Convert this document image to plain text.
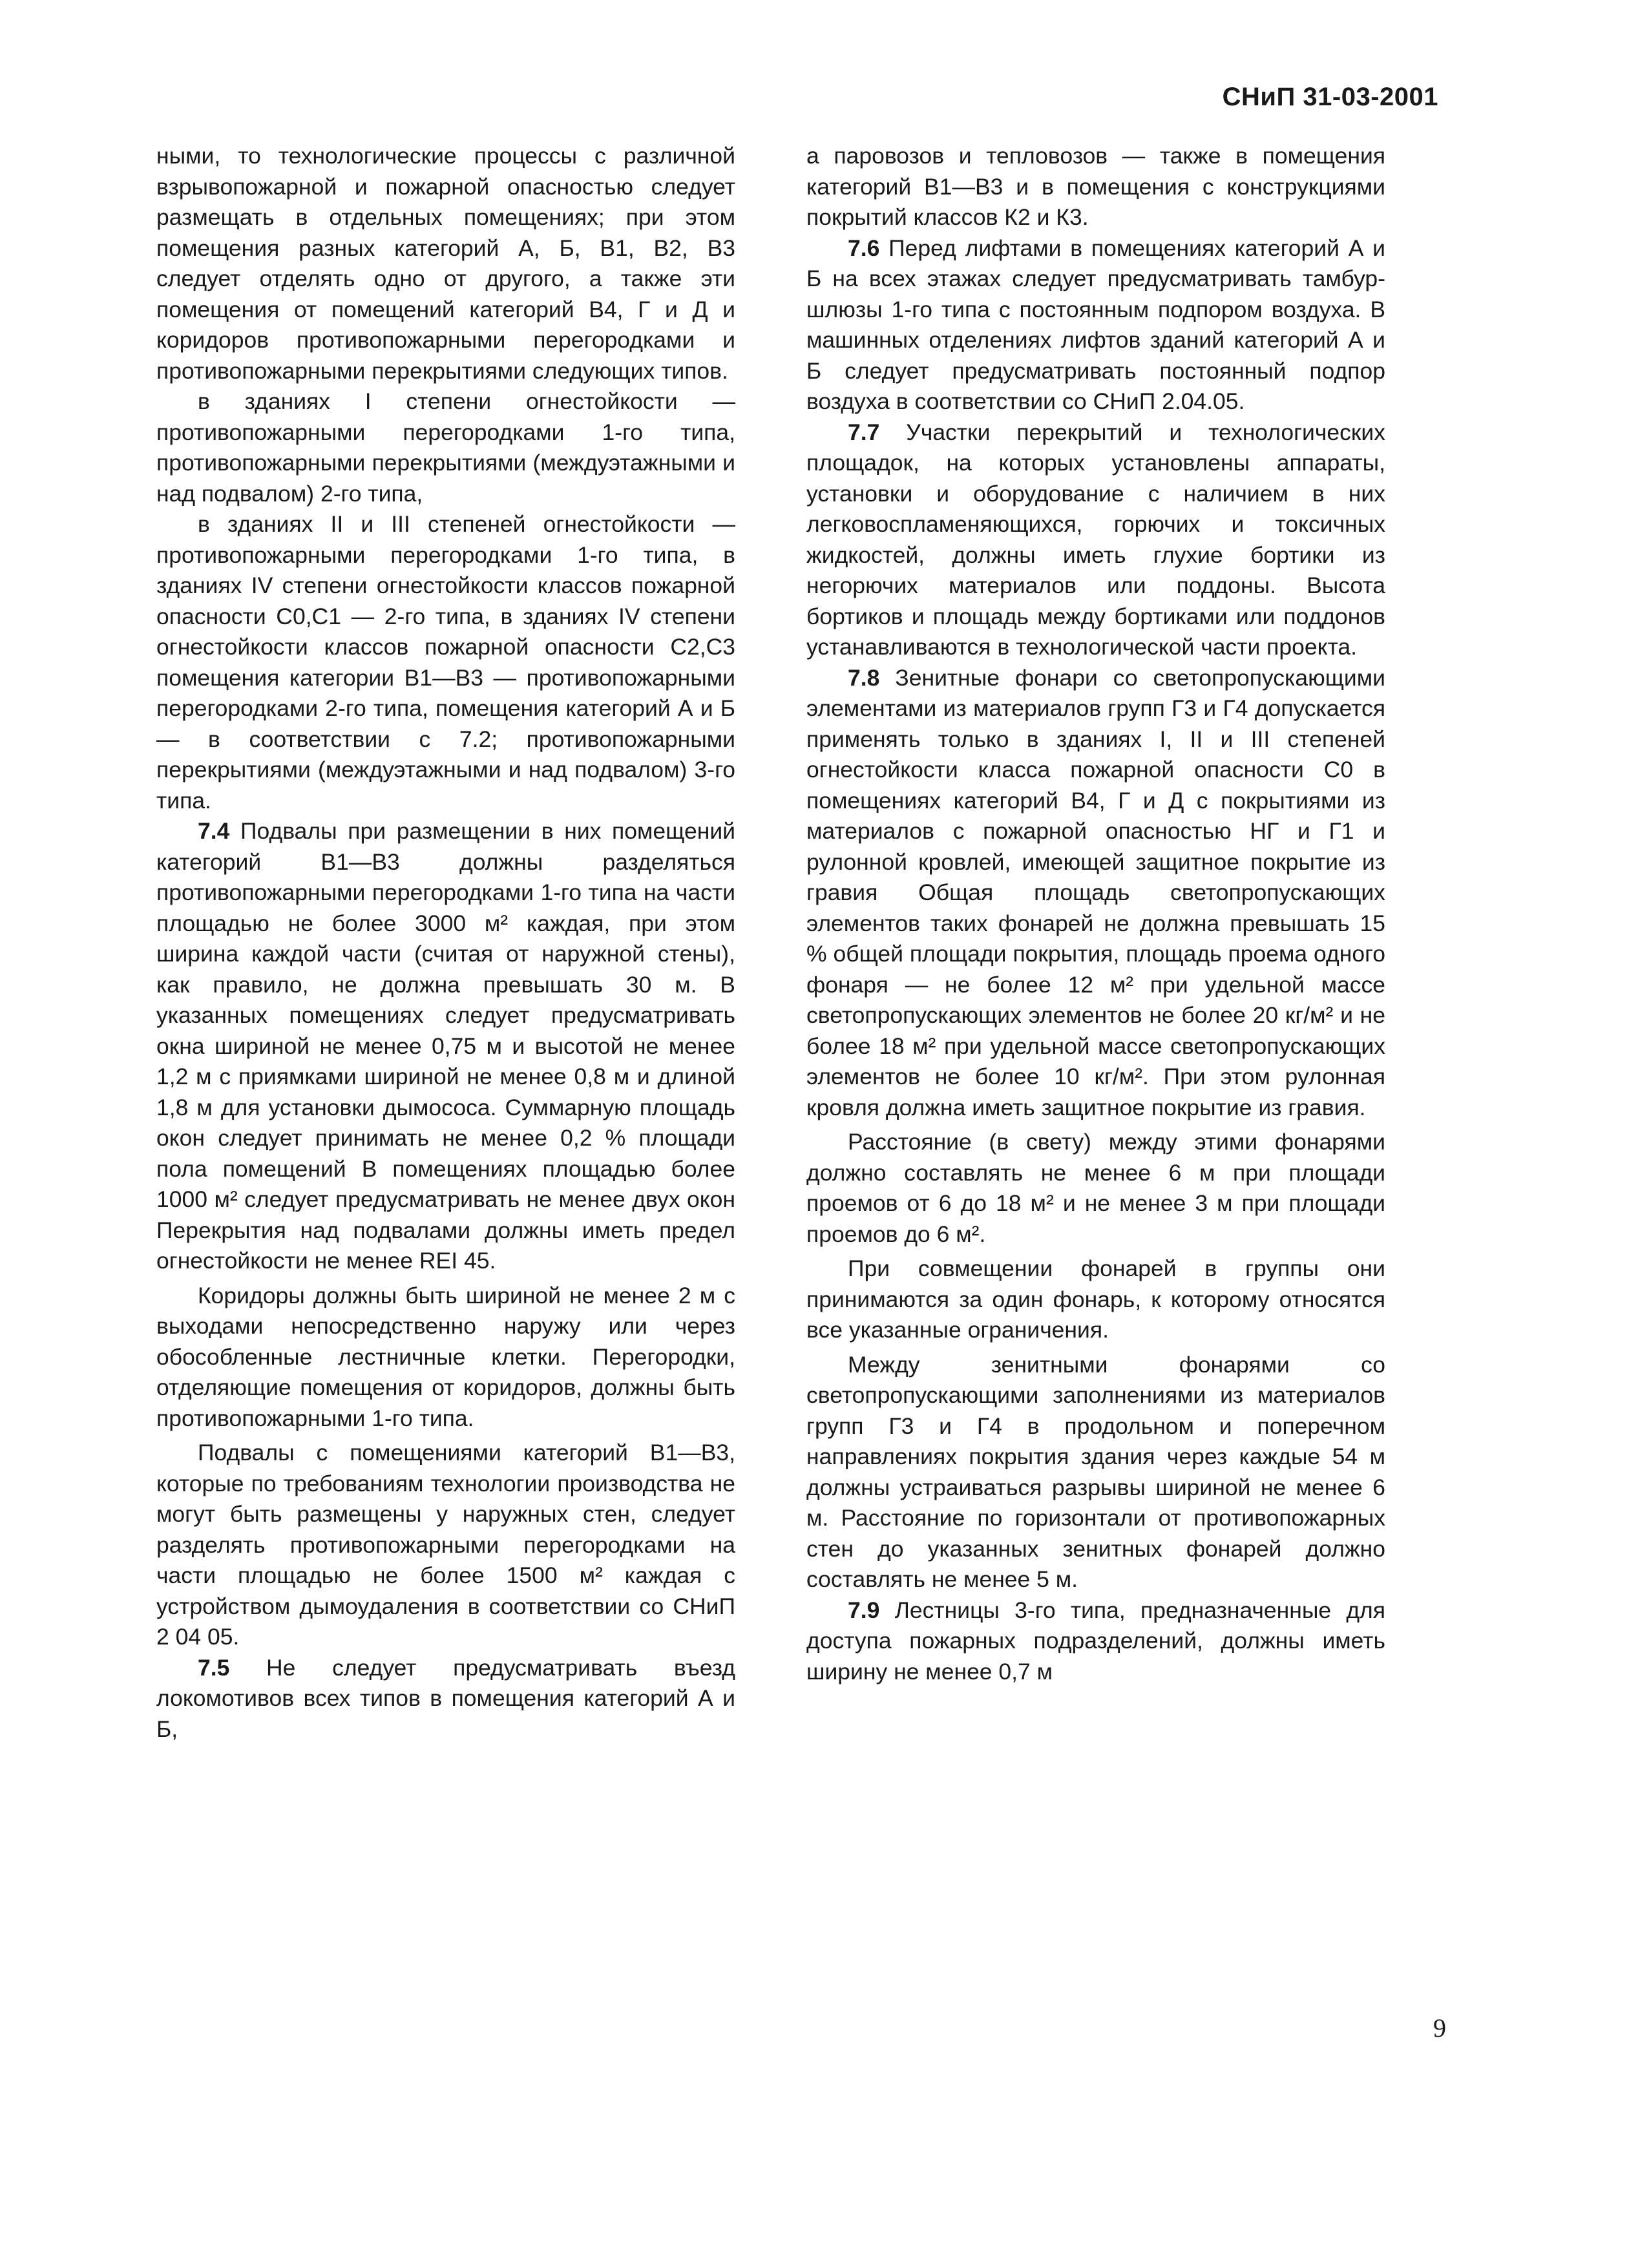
СНиП 31-03-2001

ными, то технологические процессы с различной взрывопожарной и пожарной опасностью следует размещать в отдельных помещениях; при этом помещения разных категорий А, Б, В1, В2, В3 следует отделять одно от другого, а также эти помещения от помещений категорий В4, Г и Д и коридоров противопожарными перегородками и противопожарными перекрытиями следующих типов.

в зданиях I степени огнестойкости — противопожарными перегородками 1-го типа, противопожарными перекрытиями (междуэтажными и над подвалом) 2-го типа,

в зданиях II и III степеней огнестойкости — противопожарными перегородками 1-го типа, в зданиях IV степени огнестойкости классов пожарной опасности С0,С1 — 2-го типа, в зданиях IV степени огнестойкости классов пожарной опасности С2,С3 помещения категории В1—В3 — противопожарными перегородками 2-го типа, помещения категорий А и Б — в соответствии с 7.2; противопожарными перекрытиями (междуэтажными и над подвалом) 3-го типа.

7.4 Подвалы при размещении в них помещений категорий В1—В3 должны разделяться противопожарными перегородками 1-го типа на части площадью не более 3000 м² каждая, при этом ширина каждой части (считая от наружной стены), как правило, не должна превышать 30 м. В указанных помещениях следует предусматривать окна шириной не менее 0,75 м и высотой не менее 1,2 м с приямками шириной не менее 0,8 м и длиной 1,8 м для установки дымососа. Суммарную площадь окон следует принимать не менее 0,2 % площади пола помещений В помещениях площадью более 1000 м² следует предусматривать не менее двух окон Перекрытия над подвалами должны иметь предел огнестойкости не менее REI 45.

Коридоры должны быть шириной не менее 2 м с выходами непосредственно наружу или через обособленные лестничные клетки. Перегородки, отделяющие помещения от коридоров, должны быть противопожарными 1-го типа.

Подвалы с помещениями категорий В1—В3, которые по требованиям технологии производства не могут быть размещены у наружных стен, следует разделять противопожарными перегородками на части площадью не более 1500 м² каждая с устройством дымоудаления в соответствии со СНиП 2 04 05.

7.5 Не следует предусматривать въезд локомотивов всех типов в помещения категорий А и Б,

а паровозов и тепловозов — также в помещения категорий В1—В3 и в помещения с конструкциями покрытий классов К2 и К3.

7.6 Перед лифтами в помещениях категорий А и Б на всех этажах следует предусматривать тамбур-шлюзы 1-го типа с постоянным подпором воздуха. В машинных отделениях лифтов зданий категорий А и Б следует предусматривать постоянный подпор воздуха в соответствии со СНиП 2.04.05.

7.7 Участки перекрытий и технологических площадок, на которых установлены аппараты, установки и оборудование с наличием в них легковоспламеняющихся, горючих и токсичных жидкостей, должны иметь глухие бортики из негорючих материалов или поддоны. Высота бортиков и площадь между бортиками или поддонов устанавливаются в технологической части проекта.

7.8 Зенитные фонари со светопропускающими элементами из материалов групп Г3 и Г4 допускается применять только в зданиях I, II и III степеней огнестойкости класса пожарной опасности С0 в помещениях категорий В4, Г и Д с покрытиями из материалов с пожарной опасностью НГ и Г1 и рулонной кровлей, имеющей защитное покрытие из гравия Общая площадь светопропускающих элементов таких фонарей не должна превышать 15 % общей площади покрытия, площадь проема одного фонаря — не более 12 м² при удельной массе светопропускающих элементов не более 20 кг/м² и не более 18 м² при удельной массе светопропускающих элементов не более 10 кг/м². При этом рулонная кровля должна иметь защитное покрытие из гравия.

Расстояние (в свету) между этими фонарями должно составлять не менее 6 м при площади проемов от 6 до 18 м² и не менее 3 м при площади проемов до 6 м².

При совмещении фонарей в группы они принимаются за один фонарь, к которому относятся все указанные ограничения.

Между зенитными фонарями со светопропускающими заполнениями из материалов групп Г3 и Г4 в продольном и поперечном направлениях покрытия здания через каждые 54 м должны устраиваться разрывы шириной не менее 6 м. Расстояние по горизонтали от противопожарных стен до указанных зенитных фонарей должно составлять не менее 5 м.

7.9 Лестницы 3-го типа, предназначенные для доступа пожарных подразделений, должны иметь ширину не менее 0,7 м

9
